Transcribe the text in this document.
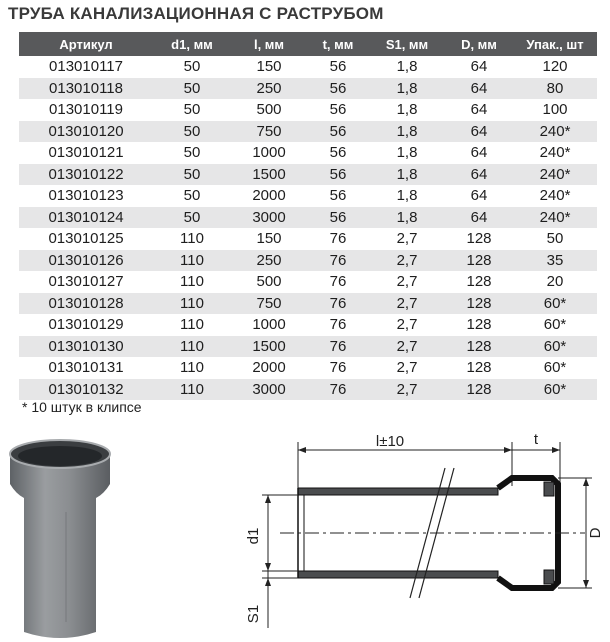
ТРУБА КАНАЛИЗАЦИОННАЯ С РАСТРУБОМ
Артикул	d1, мм	l, мм	t, мм	S1, мм	D, мм	Упак., шт
013010117	50	150	56	1,8	64	120
013010118	50	250	56	1,8	64	80
013010119	50	500	56	1,8	64	100
013010120	50	750	56	1,8	64	240*
013010121	50	1000	56	1,8	64	240*
013010122	50	1500	56	1,8	64	240*
013010123	50	2000	56	1,8	64	240*
013010124	50	3000	56	1,8	64	240*
013010125	110	150	76	2,7	128	50
013010126	110	250	76	2,7	128	35
013010127	110	500	76	2,7	128	20
013010128	110	750	76	2,7	128	60*
013010129	110	1000	76	2,7	128	60*
013010130	110	1500	76	2,7	128	60*
013010131	110	2000	76	2,7	128	60*
013010132	110	3000	76	2,7	128	60*
* 10 штук в клипсе
l±10	t
d1
S1
D
